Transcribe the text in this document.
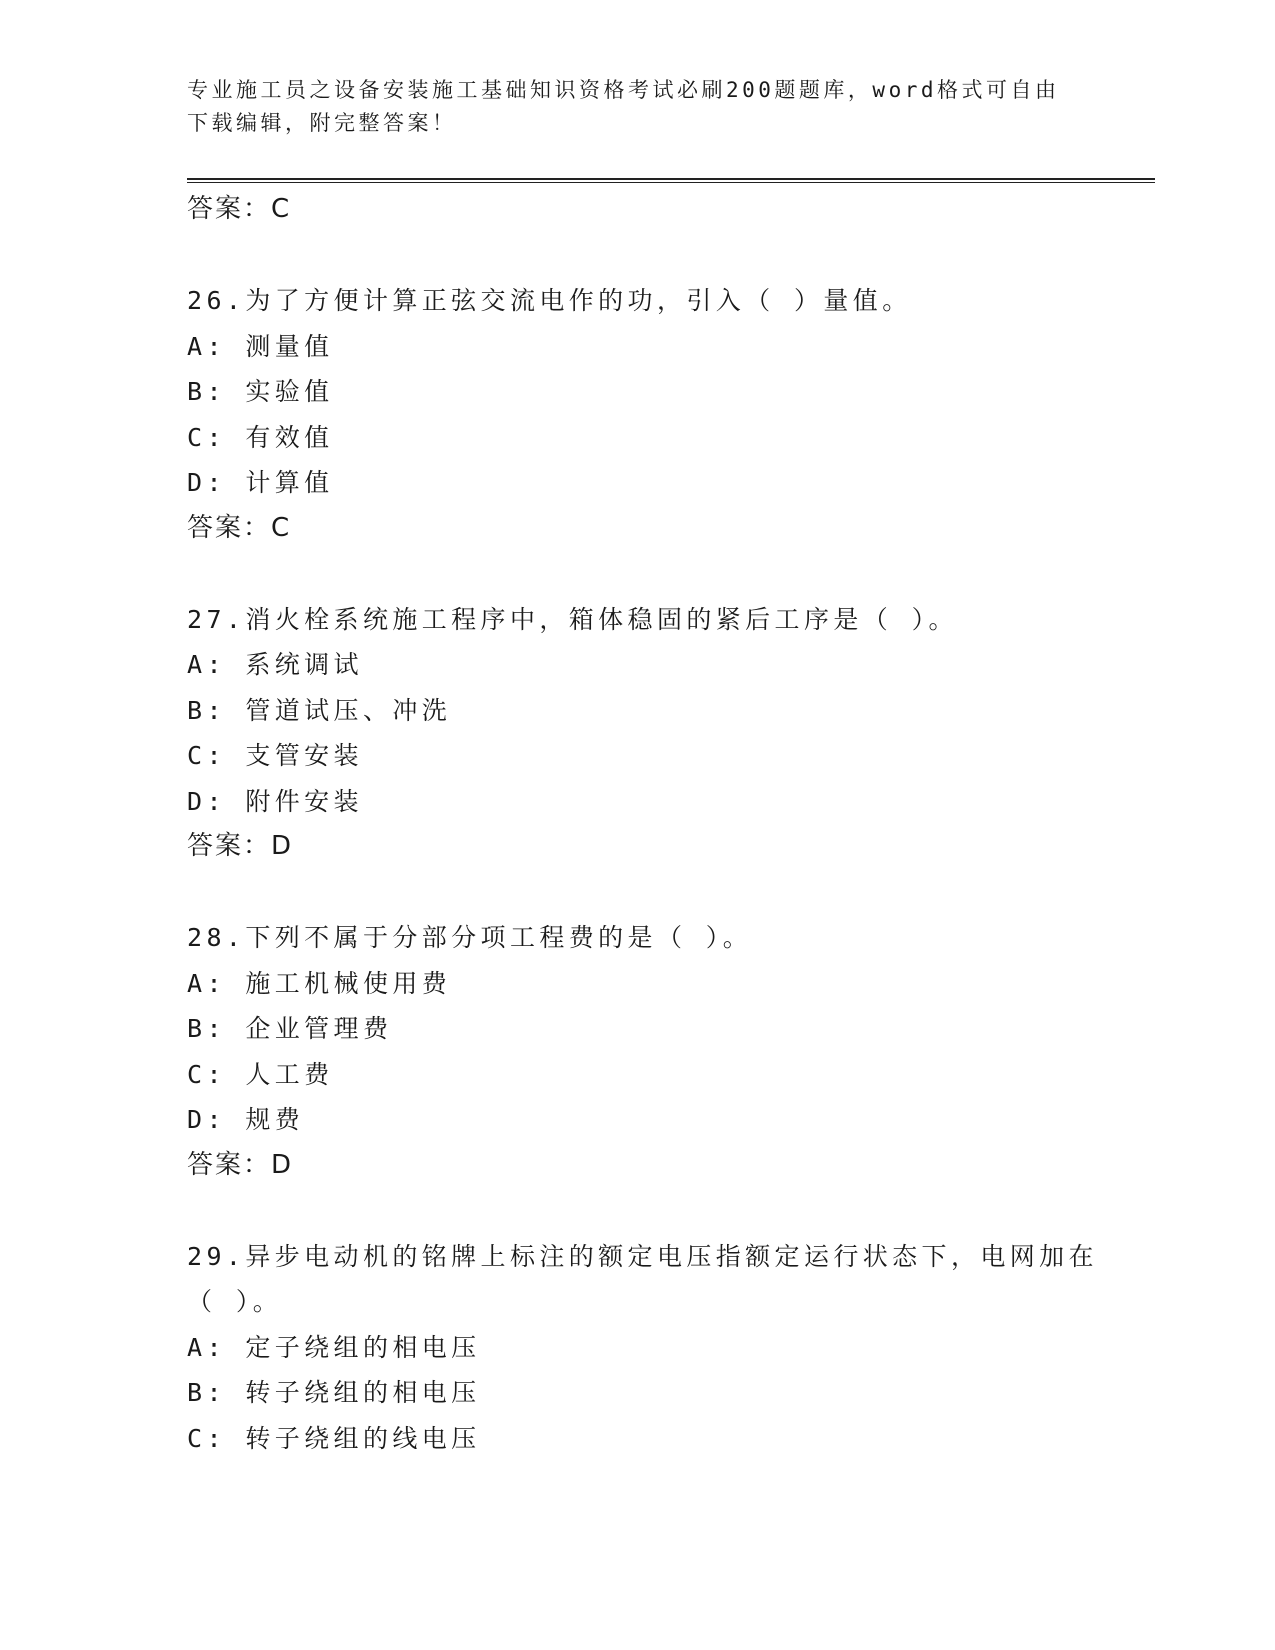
专业施工员之设备安装施工基础知识资格考试必刷200题题库，word格式可自由
下载编辑，附完整答案！
答案：C
26.为了方便计算正弦交流电作的功，引入（ ）量值。
A: 测量值
B: 实验值
C: 有效值
D: 计算值
答案：C
27.消火栓系统施工程序中，箱体稳固的紧后工序是（ ）。
A: 系统调试
B: 管道试压、冲洗
C: 支管安装
D: 附件安装
答案：D
28.下列不属于分部分项工程费的是（ ）。
A: 施工机械使用费
B: 企业管理费
C: 人工费
D: 规费
答案：D
29.异步电动机的铭牌上标注的额定电压指额定运行状态下，电网加在
（ ）。
A: 定子绕组的相电压
B: 转子绕组的相电压
C: 转子绕组的线电压
